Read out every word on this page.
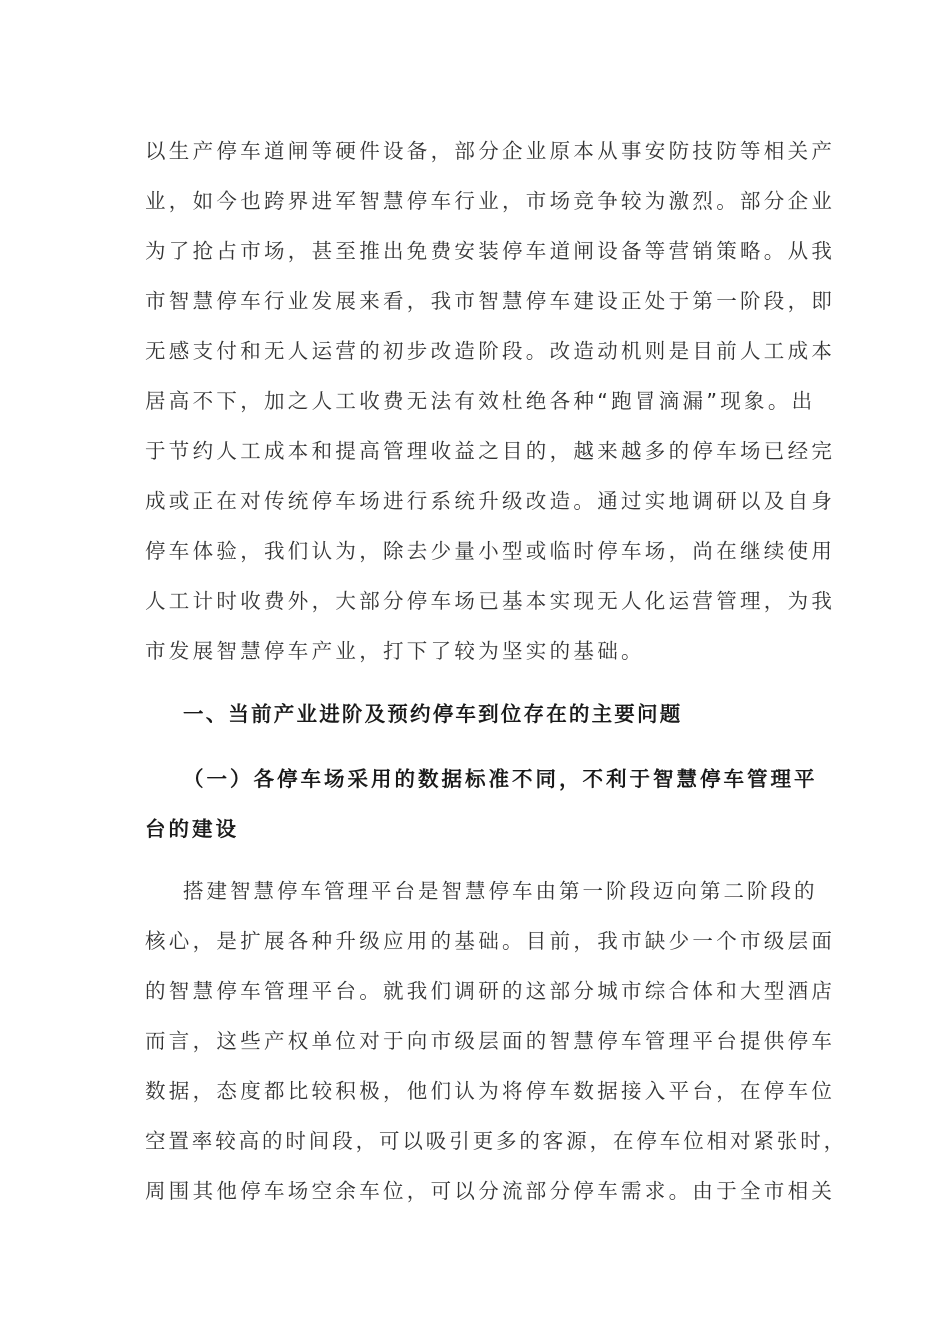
以生产停车道闸等硬件设备，部分企业原本从事安防技防等相关产
业，如今也跨界进军智慧停车行业，市场竞争较为激烈。部分企业
为了抢占市场，甚至推出免费安装停车道闸设备等营销策略。从我
市智慧停车行业发展来看，我市智慧停车建设正处于第一阶段，即
无感支付和无人运营的初步改造阶段。改造动机则是目前人工成本
居高不下，加之人工收费无法有效杜绝各种“跑冒滴漏”现象。出
于节约人工成本和提高管理收益之目的，越来越多的停车场已经完
成或正在对传统停车场进行系统升级改造。通过实地调研以及自身
停车体验，我们认为，除去少量小型或临时停车场，尚在继续使用
人工计时收费外，大部分停车场已基本实现无人化运营管理，为我
市发展智慧停车产业，打下了较为坚实的基础。
一、当前产业进阶及预约停车到位存在的主要问题
（一）各停车场采用的数据标准不同，不利于智慧停车管理平
台的建设
搭建智慧停车管理平台是智慧停车由第一阶段迈向第二阶段的
核心，是扩展各种升级应用的基础。目前，我市缺少一个市级层面
的智慧停车管理平台。就我们调研的这部分城市综合体和大型酒店
而言，这些产权单位对于向市级层面的智慧停车管理平台提供停车
数据，态度都比较积极，他们认为将停车数据接入平台，在停车位
空置率较高的时间段，可以吸引更多的客源，在停车位相对紧张时，
周围其他停车场空余车位，可以分流部分停车需求。由于全市相关
